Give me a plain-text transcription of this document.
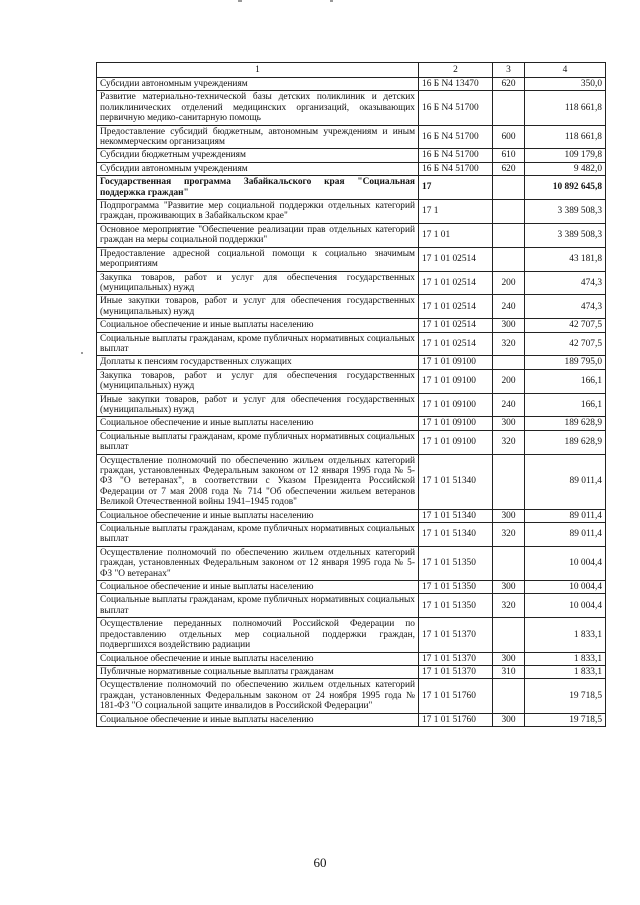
1	2	3	4
Субсидии автономным учреждениям	16 Б N4 13470	620	350,0
Развитие материально-технической базы детских поликлиник и детских поликлинических отделений медицинских организаций, оказывающих первичную медико-санитарную помощь	16 Б N4 51700		118 661,8
Предоставление субсидий бюджетным, автономным учреждениям и иным некоммерческим организациям	16 Б N4 51700	600	118 661,8
Субсидии бюджетным учреждениям	16 Б N4 51700	610	109 179,8
Субсидии автономным учреждениям	16 Б N4 51700	620	9 482,0
Государственная программа Забайкальского края "Социальная поддержка граждан"	17		10 892 645,8
Подпрограмма "Развитие мер социальной поддержки отдельных категорий граждан, проживающих в Забайкальском крае"	17 1		3 389 508,3
Основное мероприятие "Обеспечение реализации прав отдельных категорий граждан на меры социальной поддержки"	17 1 01		3 389 508,3
Предоставление адресной социальной помощи к социально значимым мероприятиям	17 1 01 02514		43 181,8
Закупка товаров, работ и услуг для обеспечения государственных (муниципальных) нужд	17 1 01 02514	200	474,3
Иные закупки товаров, работ и услуг для обеспечения государственных (муниципальных) нужд	17 1 01 02514	240	474,3
Социальное обеспечение и иные выплаты населению	17 1 01 02514	300	42 707,5
Социальные выплаты гражданам, кроме публичных нормативных социальных выплат	17 1 01 02514	320	42 707,5
Доплаты к пенсиям государственных служащих	17 1 01 09100		189 795,0
Закупка товаров, работ и услуг для обеспечения государственных (муниципальных) нужд	17 1 01 09100	200	166,1
Иные закупки товаров, работ и услуг для обеспечения государственных (муниципальных) нужд	17 1 01 09100	240	166,1
Социальное обеспечение и иные выплаты населению	17 1 01 09100	300	189 628,9
Социальные выплаты гражданам, кроме публичных нормативных социальных выплат	17 1 01 09100	320	189 628,9
Осуществление полномочий по обеспечению жильем отдельных категорий граждан, установленных Федеральным законом от 12 января 1995 года № 5-ФЗ "О ветеранах", в соответствии с Указом Президента Российской Федерации от 7 мая 2008 года № 714 "Об обеспечении жильем ветеранов Великой Отечественной войны 1941–1945 годов"	17 1 01 51340		89 011,4
Социальное обеспечение и иные выплаты населению	17 1 01 51340	300	89 011,4
Социальные выплаты гражданам, кроме публичных нормативных социальных выплат	17 1 01 51340	320	89 011,4
Осуществление полномочий по обеспечению жильем отдельных категорий граждан, установленных Федеральным законом от 12 января 1995 года № 5-ФЗ "О ветеранах"	17 1 01 51350		10 004,4
Социальное обеспечение и иные выплаты населению	17 1 01 51350	300	10 004,4
Социальные выплаты гражданам, кроме публичных нормативных социальных выплат	17 1 01 51350	320	10 004,4
Осуществление переданных полномочий Российской Федерации по предоставлению отдельных мер социальной поддержки граждан, подвергшихся воздействию радиации	17 1 01 51370		1 833,1
Социальное обеспечение и иные выплаты населению	17 1 01 51370	300	1 833,1
Публичные нормативные социальные выплаты гражданам	17 1 01 51370	310	1 833,1
Осуществление полномочий по обеспечению жильем отдельных категорий граждан, установленных Федеральным законом от 24 ноября 1995 года № 181-ФЗ "О социальной защите инвалидов в Российской Федерации"	17 1 01 51760		19 718,5
Социальное обеспечение и иные выплаты населению	17 1 01 51760	300	19 718,5
60
